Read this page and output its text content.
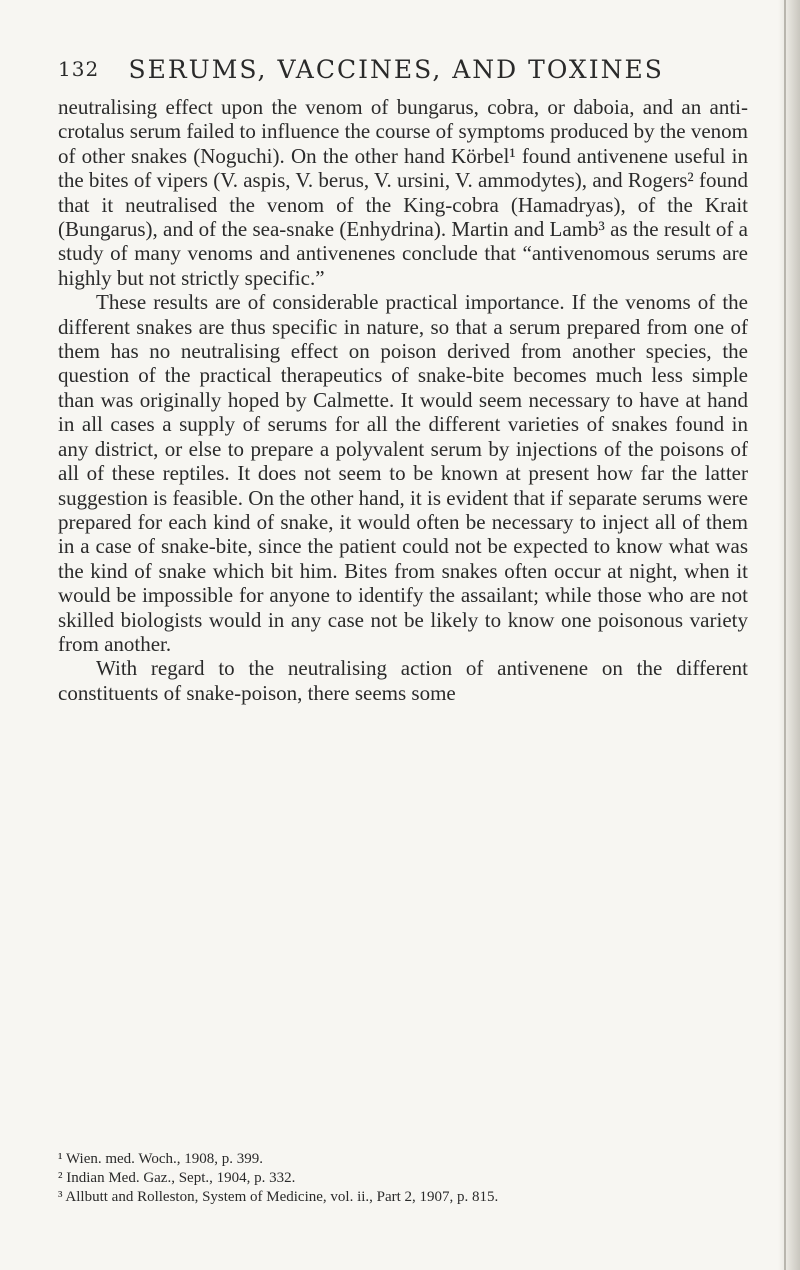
132 SERUMS, VACCINES, AND TOXINES

neutralising effect upon the venom of bungarus, cobra, or daboia, and an anti-crotalus serum failed to influence the course of symptoms produced by the venom of other snakes (Noguchi). On the other hand Körbel¹ found antivenene useful in the bites of vipers (V. aspis, V. berus, V. ursini, V. ammodytes), and Rogers² found that it neutralised the venom of the King-cobra (Hamadryas), of the Krait (Bungarus), and of the sea-snake (Enhydrina). Martin and Lamb³ as the result of a study of many venoms and antivenenes conclude that “antivenomous serums are highly but not strictly specific.”

These results are of considerable practical importance. If the venoms of the different snakes are thus specific in nature, so that a serum prepared from one of them has no neutralising effect on poison derived from another species, the question of the practical therapeutics of snake-bite becomes much less simple than was originally hoped by Calmette. It would seem necessary to have at hand in all cases a supply of serums for all the different varieties of snakes found in any district, or else to prepare a polyvalent serum by injections of the poisons of all of these reptiles. It does not seem to be known at present how far the latter suggestion is feasible. On the other hand, it is evident that if separate serums were prepared for each kind of snake, it would often be necessary to inject all of them in a case of snake-bite, since the patient could not be expected to know what was the kind of snake which bit him. Bites from snakes often occur at night, when it would be impossible for anyone to identify the assailant; while those who are not skilled biologists would in any case not be likely to know one poisonous variety from another.

With regard to the neutralising action of antivenene on the different constituents of snake-poison, there seems some

¹ Wien. med. Woch., 1908, p. 399.

² Indian Med. Gaz., Sept., 1904, p. 332.

³ Allbutt and Rolleston, System of Medicine, vol. ii., Part 2, 1907, p. 815.
